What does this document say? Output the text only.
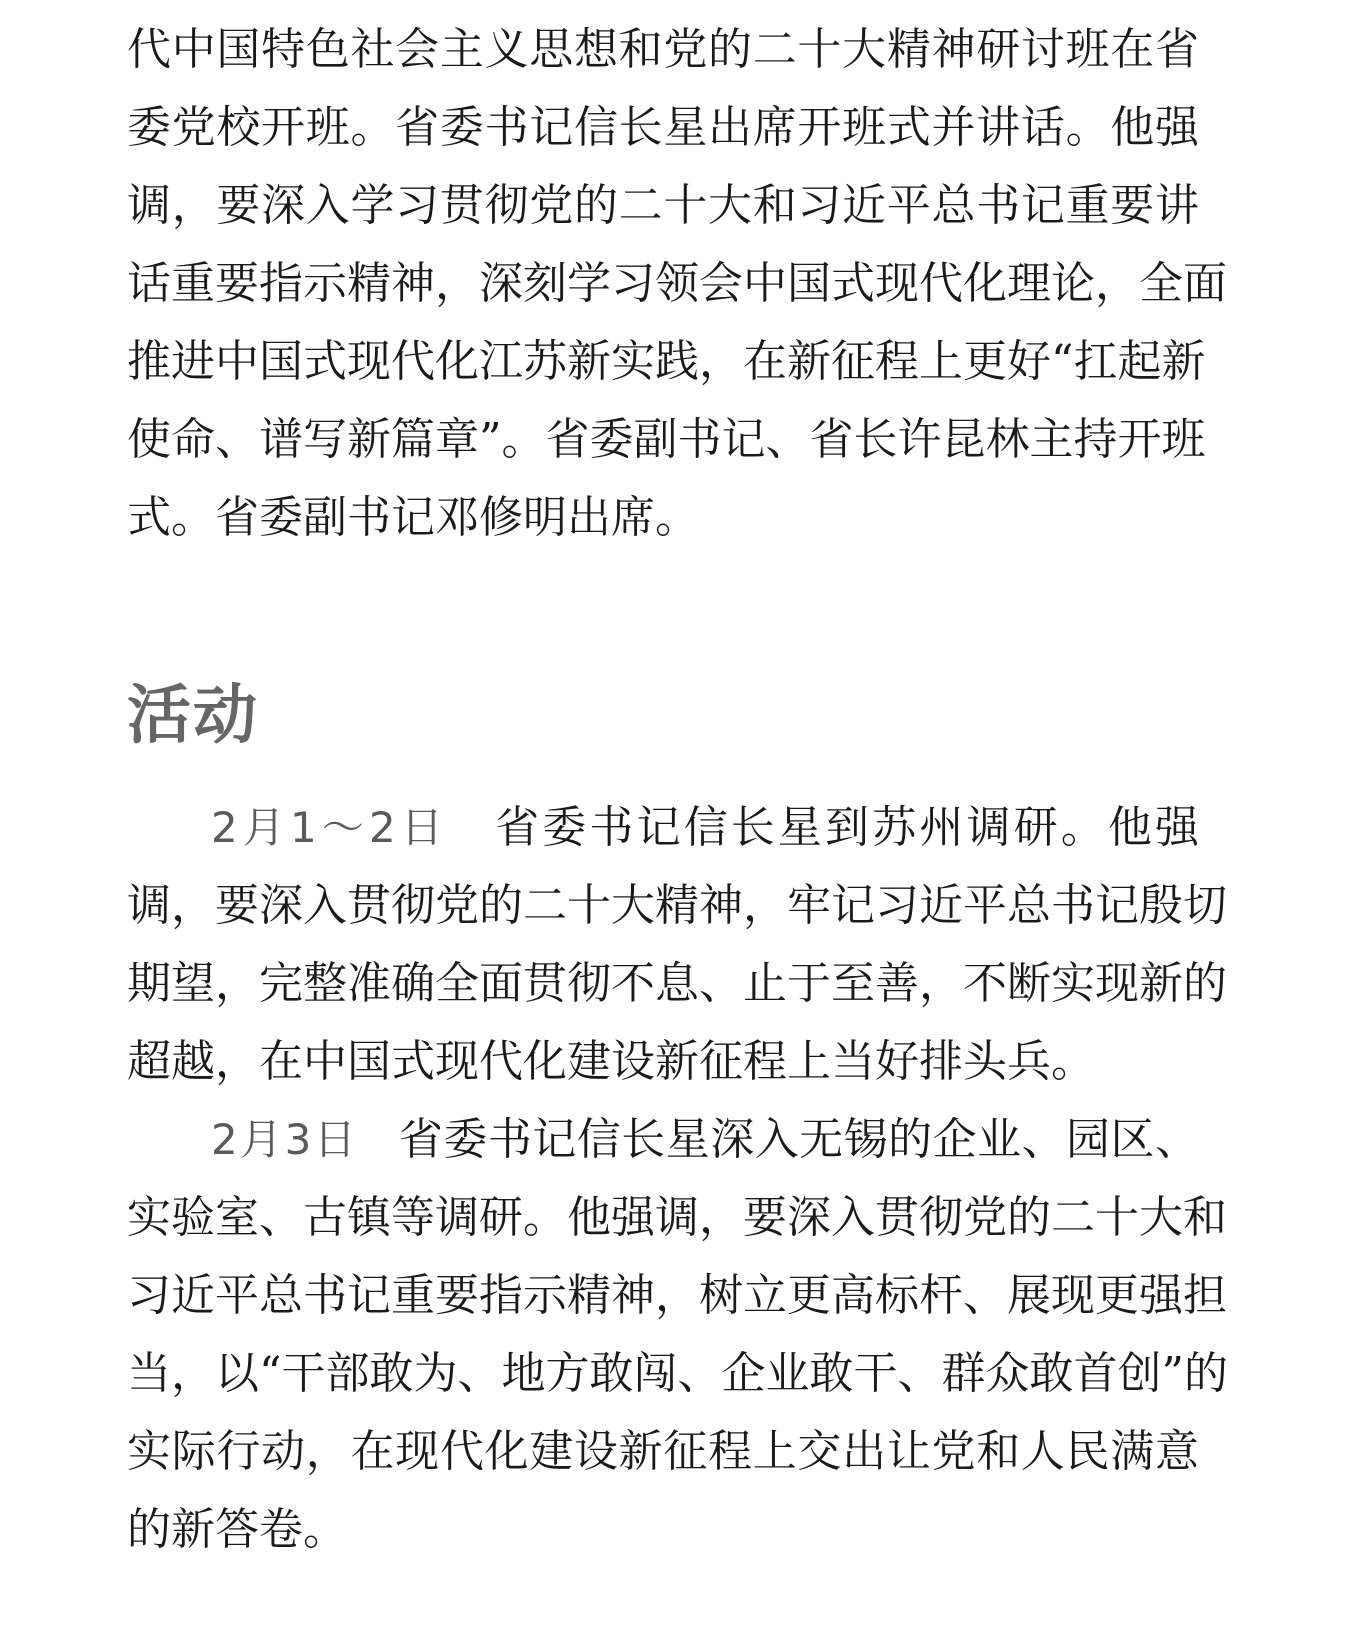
代中国特色社会主义思想和党的二十大精神研讨班在省
委党校开班。省委书记信长星出席开班式并讲话。他强
调，要深入学习贯彻党的二十大和习近平总书记重要讲
话重要指示精神，深刻学习领会中国式现代化理论，全面
推进中国式现代化江苏新实践，在新征程上更好“扛起新
使命、谱写新篇章”。省委副书记、省长许昆林主持开班
式。省委副书记邓修明出席。
活动
2月1～2日 省委书记信长星到苏州调研。他强
调，要深入贯彻党的二十大精神，牢记习近平总书记殷切
期望，完整准确全面贯彻不息、止于至善，不断实现新的
超越，在中国式现代化建设新征程上当好排头兵。
2月3日 省委书记信长星深入无锡的企业、园区、
实验室、古镇等调研。他强调，要深入贯彻党的二十大和
习近平总书记重要指示精神，树立更高标杆、展现更强担
当，以“干部敢为、地方敢闯、企业敢干、群众敢首创”的
实际行动，在现代化建设新征程上交出让党和人民满意
的新答卷。
